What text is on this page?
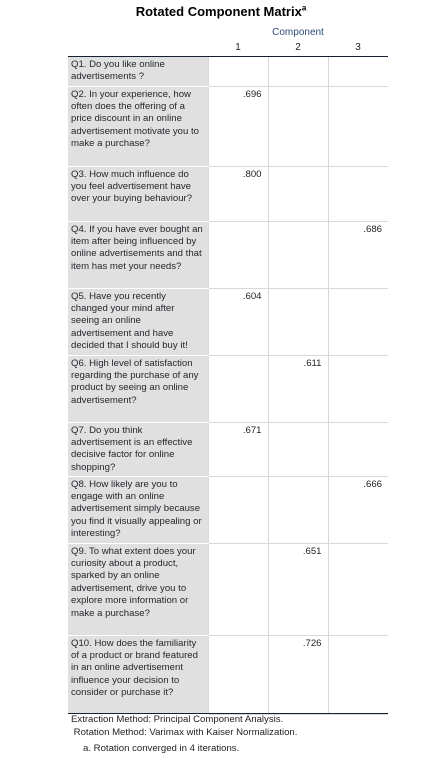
Rotated Component Matrix$^a$
Component
1	2	3
Q1. Do you like online advertisements ?			
Q2. In your experience, how often does the offering of a price discount in an online advertisement motivate you to make a purchase?	.696		
Q3. How much influence do you feel advertisement have over your buying behaviour?	.800		
Q4. If you have ever bought an item after being influenced by online advertisements and that item has met your needs?			.686
Q5. Have you recently changed your mind after seeing an online advertisement and have decided that I should buy it!	.604		
Q6. High level of satisfaction regarding the purchase of any product by seeing an online advertisement?		.611	
Q7. Do you think advertisement is an effective decisive factor for online shopping?	.671		
Q8. How likely are you to engage with an online advertisement simply because you find it visually appealing or interesting?			.666
Q9. To what extent does your curiosity about a product, sparked by an online advertisement, drive you to explore more information or make a purchase?		.651	
Q10. How does the familiarity of a product or brand featured in an online advertisement influence your decision to consider or purchase it?		.726	
Extraction Method: Principal Component Analysis.
Rotation Method: Varimax with Kaiser Normalization.
a. Rotation converged in 4 iterations.
